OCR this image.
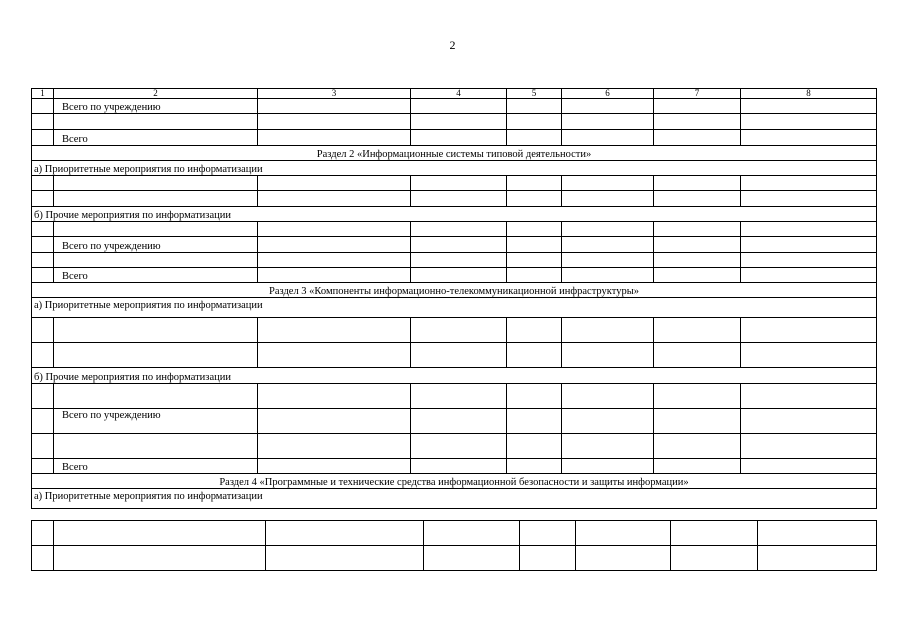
2
1	2	3	4	5	6	7	8
	Всего по учреждению						

	Всего						
Раздел 2 «Информационные системы типовой деятельности»							
а) Приоритетные мероприятия по информатизации							

б) Прочие мероприятия по информатизации							

	Всего по учреждению						

	Всего						
Раздел 3 «Компоненты информационно-телекоммуникационной инфраструктуры»							
а) Приоритетные мероприятия по информатизации							

б) Прочие мероприятия по информатизации							

	Всего по учреждению						

	Всего						
Раздел 4 «Программные и технические средства информационной безопасности и защиты информации»							
а) Приоритетные мероприятия по информатизации							
